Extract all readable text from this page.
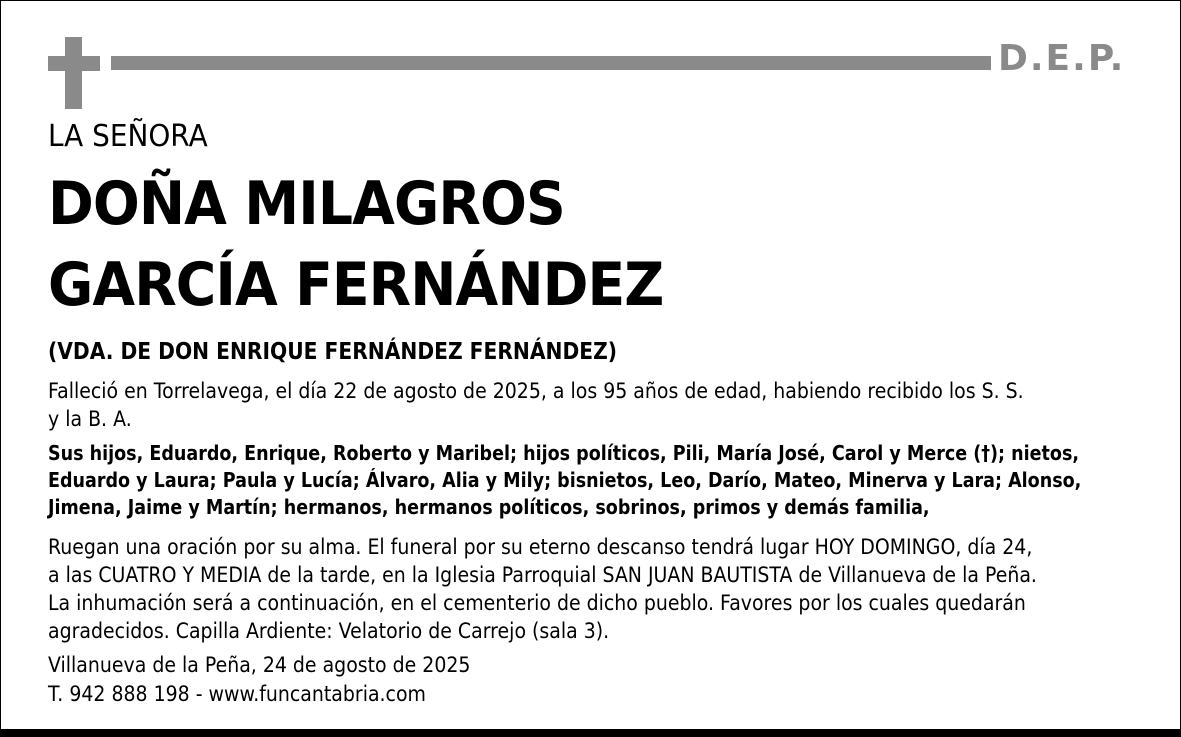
D.E.P.
LA SEÑORA
DOÑA MILAGROS
GARCÍA FERNÁNDEZ
(VDA. DE DON ENRIQUE FERNÁNDEZ FERNÁNDEZ)
Falleció en Torrelavega, el día 22 de agosto de 2025, a los 95 años de edad, habiendo recibido los S. S.
y la B. A.
Sus hijos, Eduardo, Enrique, Roberto y Maribel; hijos políticos, Pili, María José, Carol y Merce (†); nietos,
Eduardo y Laura; Paula y Lucía; Álvaro, Alia y Mily; bisnietos, Leo, Darío, Mateo, Minerva y Lara; Alonso,
Jimena, Jaime y Martín; hermanos, hermanos políticos, sobrinos, primos y demás familia,
Ruegan una oración por su alma. El funeral por su eterno descanso tendrá lugar HOY DOMINGO, día 24,
a las CUATRO Y MEDIA de la tarde, en la Iglesia Parroquial SAN JUAN BAUTISTA de Villanueva de la Peña.
La inhumación será a continuación, en el cementerio de dicho pueblo. Favores por los cuales quedarán
agradecidos. Capilla Ardiente: Velatorio de Carrejo (sala 3).
Villanueva de la Peña, 24 de agosto de 2025
T. 942 888 198 - www.funcantabria.com
